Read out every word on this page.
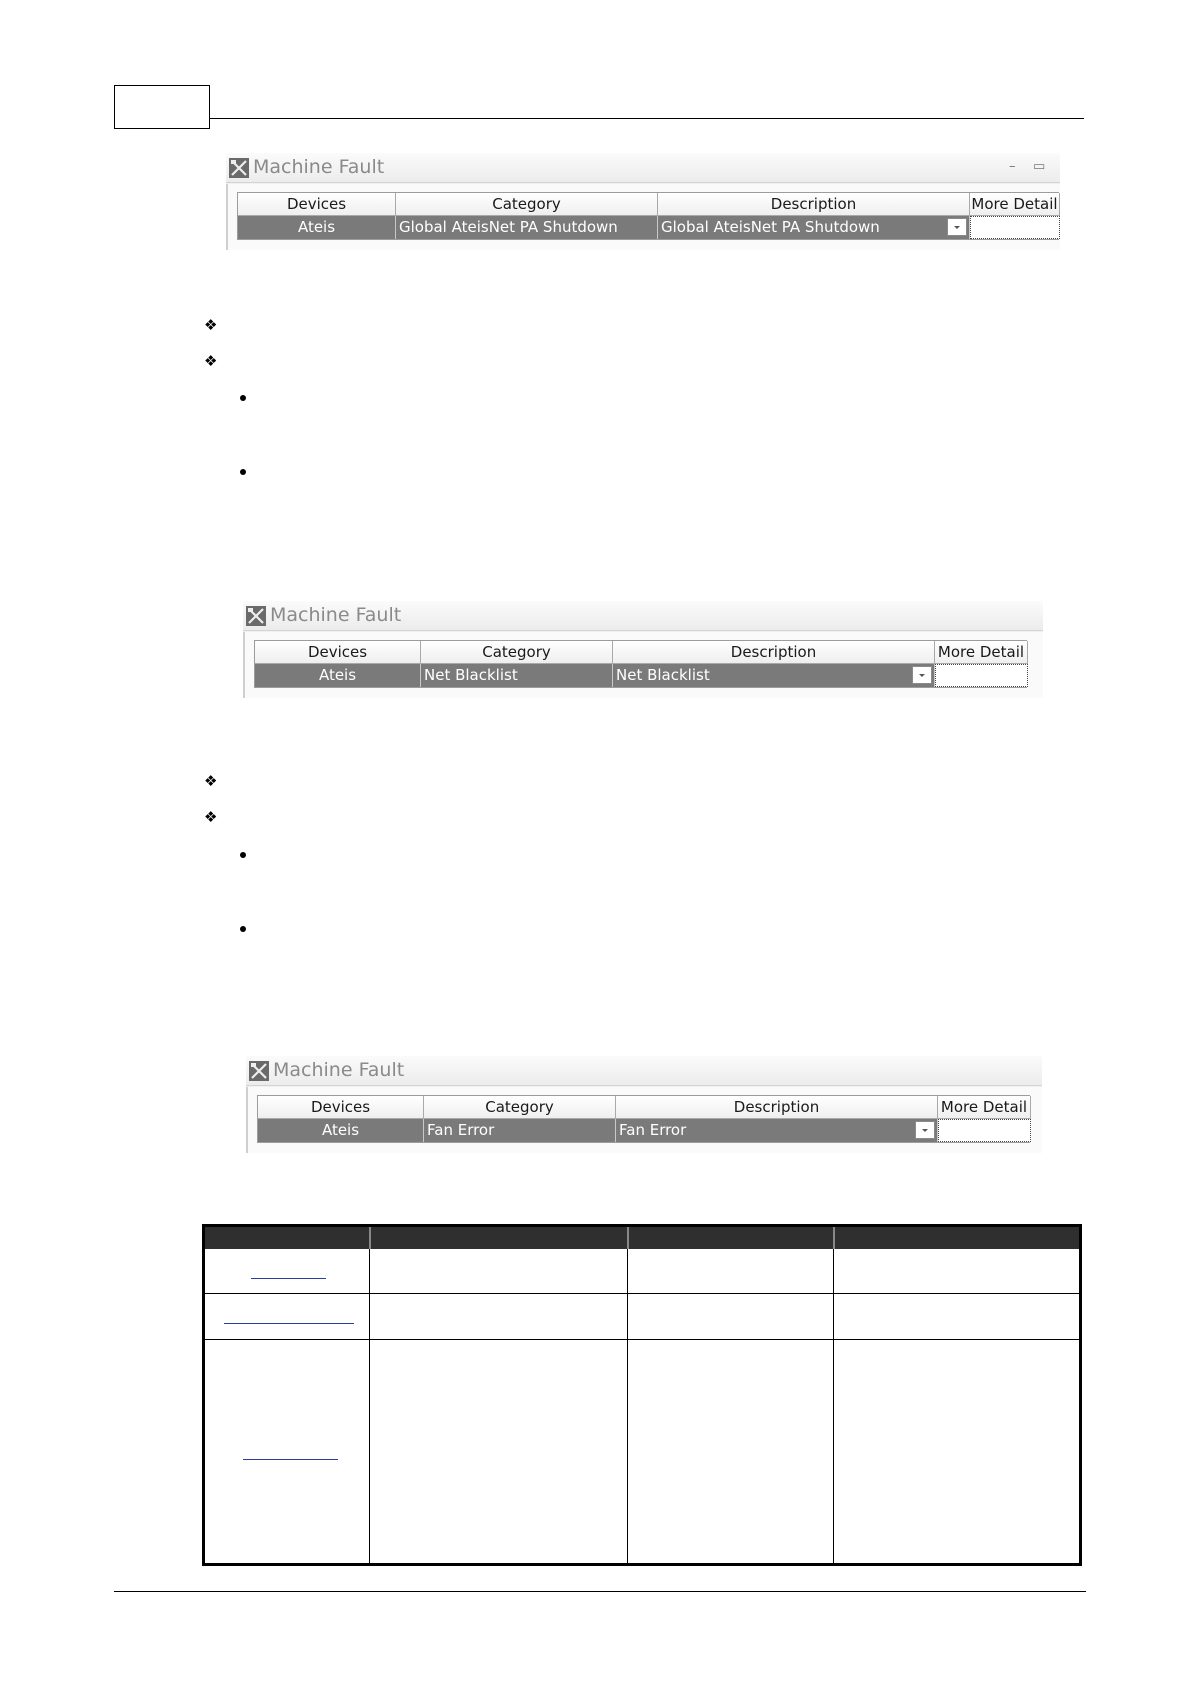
Machine Fault	– ▭
Devices	Category	Description	More Detail
Ateis	Global AteisNet PA Shutdown	Global AteisNet PA Shutdown
❖
❖
Machine Fault
Devices	Category	Description	More Detail
Ateis	Net Blacklist	Net Blacklist
❖
❖
Machine Fault
Devices	Category	Description	More Detail
Ateis	Fan Error	Fan Error
